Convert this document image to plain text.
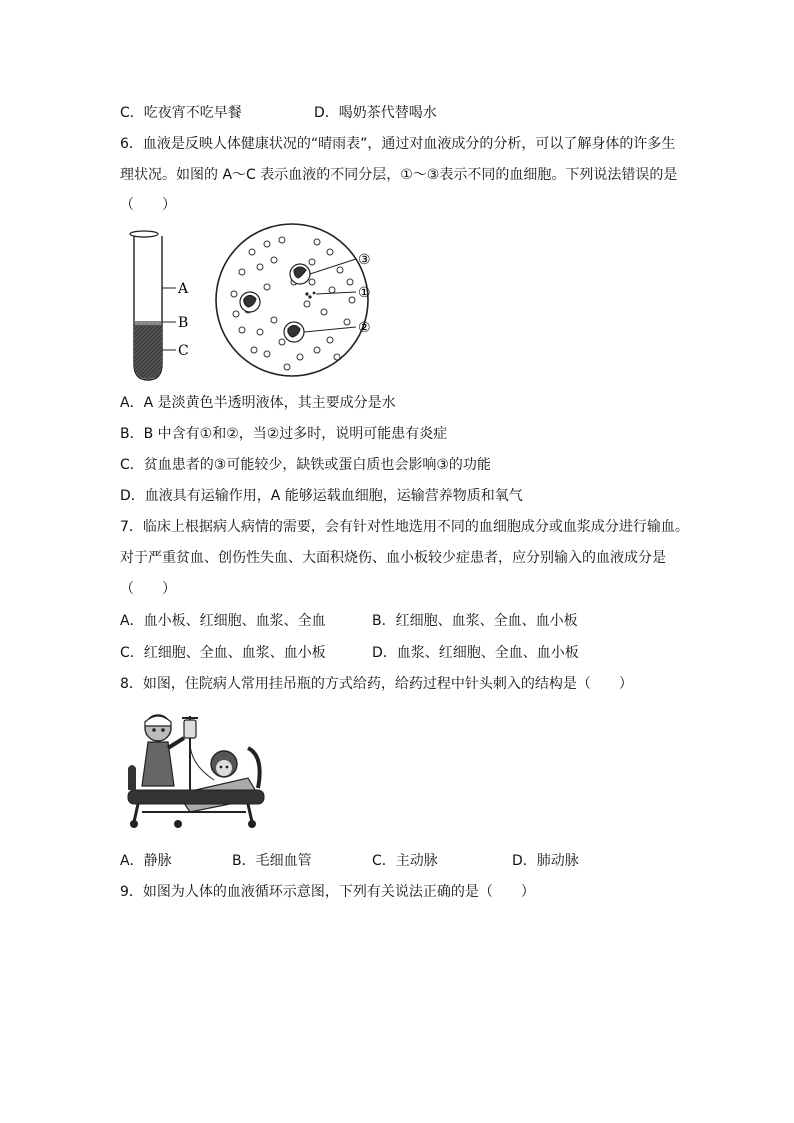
C．吃夜宵不吃早餐	D．喝奶茶代替喝水
6．血液是反映人体健康状况的“晴雨表”，通过对血液成分的分析，可以了解身体的许多生
理状况。如图的 A～C 表示血液的不同分层，①～③表示不同的血细胞。下列说法错误的是
（　　）
A
B
C
③
①
②
A．A 是淡黄色半透明液体，其主要成分是水
B．B 中含有①和②，当②过多时，说明可能患有炎症
C．贫血患者的③可能较少，缺铁或蛋白质也会影响③的功能
D．血液具有运输作用，A 能够运载血细胞，运输营养物质和氧气
7．临床上根据病人病情的需要，会有针对性地选用不同的血细胞成分或血浆成分进行输血。
对于严重贫血、创伤性失血、大面积烧伤、血小板较少症患者，应分别输入的血液成分是
（　　）
A．血小板、红细胞、血浆、全血	B．红细胞、血浆、全血、血小板
C．红细胞、全血、血浆、血小板	D．血浆、红细胞、全血、血小板
8．如图，住院病人常用挂吊瓶的方式给药，给药过程中针头刺入的结构是（　　）
A．静脉	B．毛细血管	C．主动脉	D．肺动脉
9．如图为人体的血液循环示意图，下列有关说法正确的是（　　）
